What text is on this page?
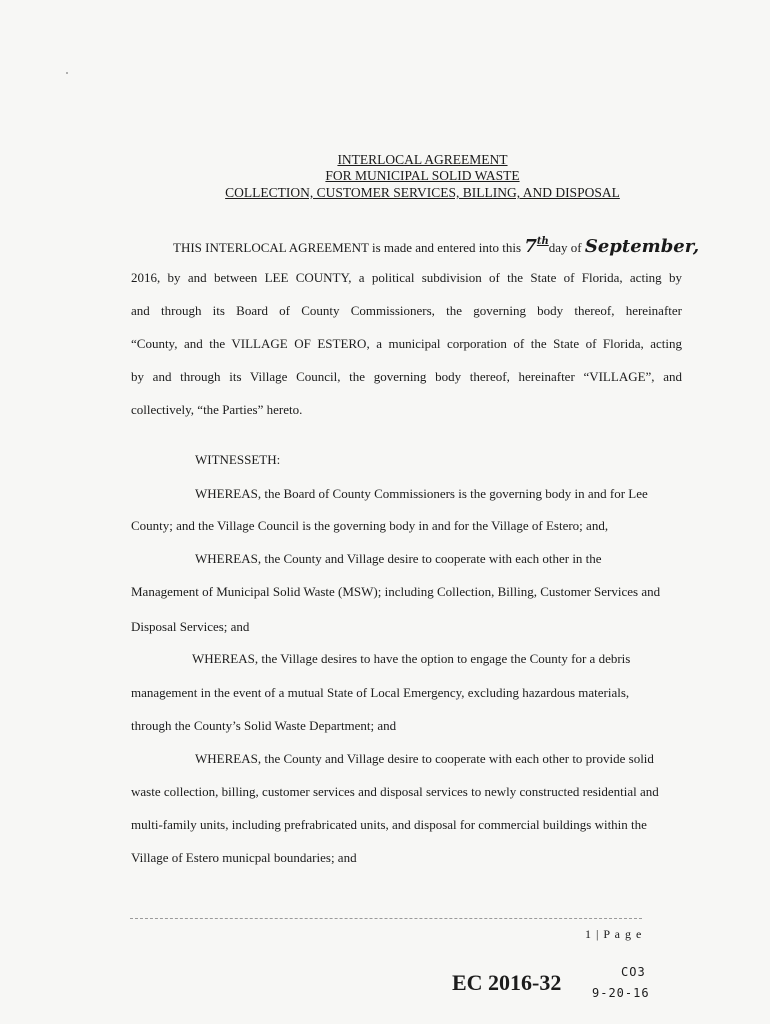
INTERLOCAL AGREEMENT
FOR MUNICIPAL SOLID WASTE
COLLECTION, CUSTOMER SERVICES, BILLING, AND DISPOSAL
THIS INTERLOCAL AGREEMENT is made and entered into this 7thday of September,
2016, by and between LEE COUNTY, a political subdivision of the State of Florida, acting by
and through its Board of County Commissioners, the governing body thereof, hereinafter
“County, and the VILLAGE OF ESTERO, a municipal corporation of the State of Florida, acting
by and through its Village Council, the governing body thereof, hereinafter “VILLAGE”, and
collectively, “the Parties” hereto.
WITNESSETH:
WHEREAS, the Board of County Commissioners is the governing body in and for Lee
County; and the Village Council is the governing body in and for the Village of Estero; and,
WHEREAS, the County and Village desire to cooperate with each other in the
Management of Municipal Solid Waste (MSW); including Collection, Billing, Customer Services and
Disposal Services; and
WHEREAS, the Village desires to have the option to engage the County for a debris
management in the event of a mutual State of Local Emergency, excluding hazardous materials,
through the County’s Solid Waste Department; and
WHEREAS, the County and Village desire to cooperate with each other to provide solid
waste collection, billing, customer services and disposal services to newly constructed residential and
multi-family units, including prefrabricated units, and disposal for commercial buildings within the
Village of Estero municpal boundaries; and
1 | P a g e
EC 2016-32	CO3
9-20-16
